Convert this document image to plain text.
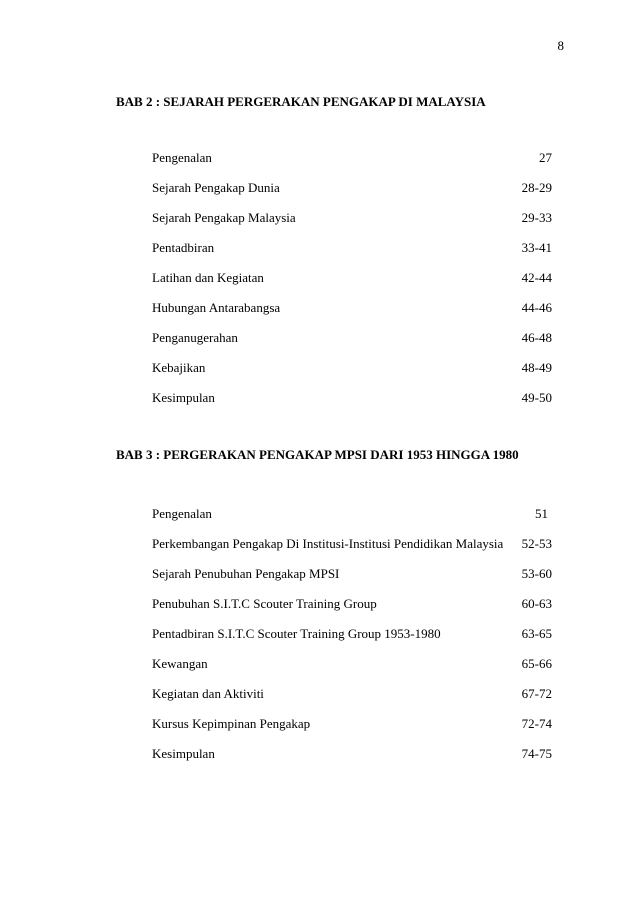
8
BAB 2 : SEJARAH PERGERAKAN PENGAKAP DI MALAYSIA
Pengenalan	27
Sejarah Pengakap Dunia	28-29
Sejarah Pengakap Malaysia	29-33
Pentadbiran	33-41
Latihan dan Kegiatan	42-44
Hubungan Antarabangsa	44-46
Penganugerahan	46-48
Kebajikan	48-49
Kesimpulan	49-50
BAB 3 : PERGERAKAN PENGAKAP MPSI DARI 1953 HINGGA 1980
Pengenalan	51
Perkembangan Pengakap Di Institusi-Institusi Pendidikan Malaysia 52-53
Sejarah Penubuhan Pengakap MPSI	53-60
Penubuhan S.I.T.C Scouter Training Group	60-63
Pentadbiran S.I.T.C Scouter Training Group 1953-1980	63-65
Kewangan	65-66
Kegiatan dan Aktiviti	67-72
Kursus Kepimpinan Pengakap	72-74
Kesimpulan	74-75
